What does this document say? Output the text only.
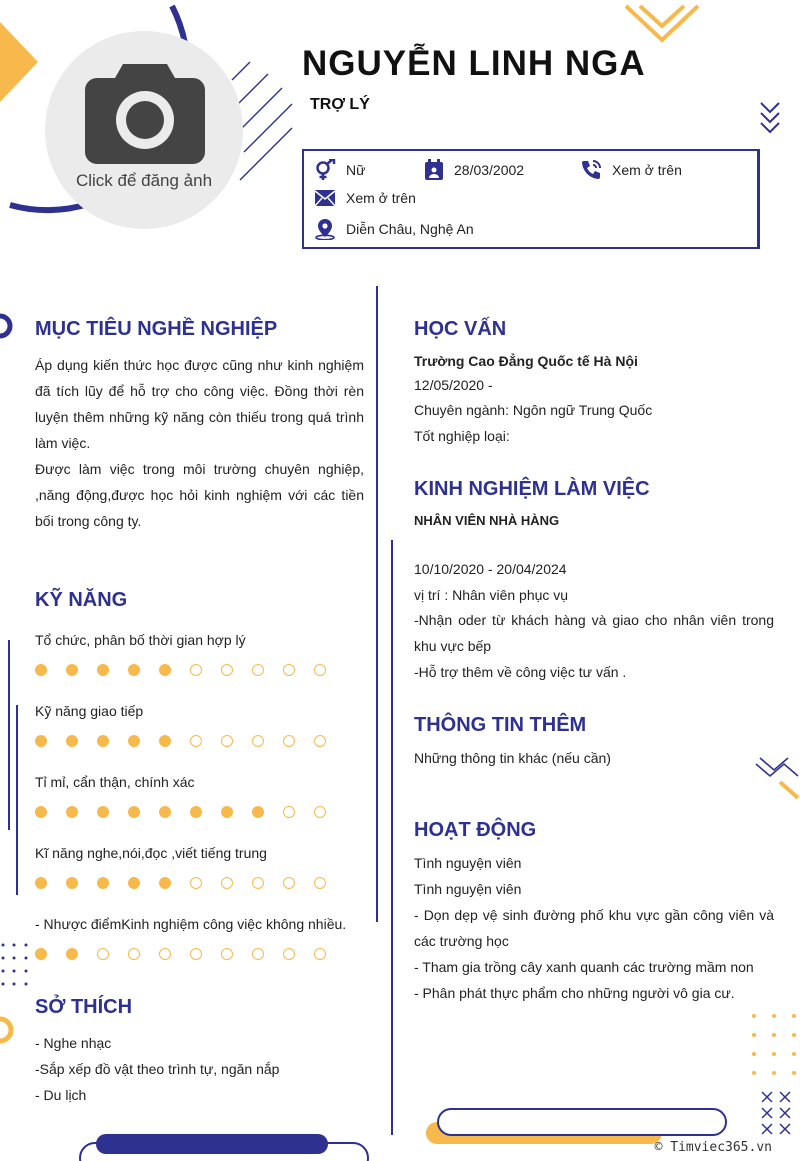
Click để đăng ảnh
NGUYỄN LINH NGA
TRỢ LÝ
Nữ	28/03/2002	Xem ở trên
Xem ở trên
Diễn Châu, Nghệ An
MỤC TIÊU NGHỀ NGHIỆP

Áp dụng kiến thức học được cũng như kinh nghiệm đã tích lũy để hỗ trợ cho công việc. Đồng thời rèn luyện thêm những kỹ năng còn thiếu trong quá trình làm việc.

Được làm việc trong môi trường chuyên nghiệp, ,năng động,được học hỏi kinh nghiệm với các tiền bối trong công ty.

KỸ NĂNG
Tổ chức, phân bố thời gian hợp lý
Kỹ năng giao tiếp
Tỉ mỉ, cẩn thận, chính xác
Kĩ năng nghe,nói,đọc ,viết tiếng trung
- Nhược điểmKinh nghiệm công việc không nhiều.
SỞ THÍCH
- Nghe nhạc
-Sắp xếp đồ vật theo trình tự, ngăn nắp
- Du lịch
HỌC VẤN
Trường Cao Đẳng Quốc tế Hà Nội
12/05/2020 -
Chuyên ngành: Ngôn ngữ Trung Quốc
Tốt nghiệp loại:
KINH NGHIỆM LÀM VIỆC
NHÂN VIÊN NHÀ HÀNG
10/10/2020 - 20/04/2024
vị trí : Nhân viên phục vụ

-Nhận oder từ khách hàng và giao cho nhân viên trong khu vực bếp

-Hỗ trợ thêm về công việc tư vấn .
THÔNG TIN THÊM
Những thông tin khác (nếu cần)
HOẠT ĐỘNG
Tình nguyện viên
Tình nguyện viên

- Dọn dẹp vệ sinh đường phố khu vực gần công viên và các trường học

- Tham gia trồng cây xanh quanh các trường mầm non
- Phân phát thực phẩm cho những người vô gia cư.
© Timviec365.vn
